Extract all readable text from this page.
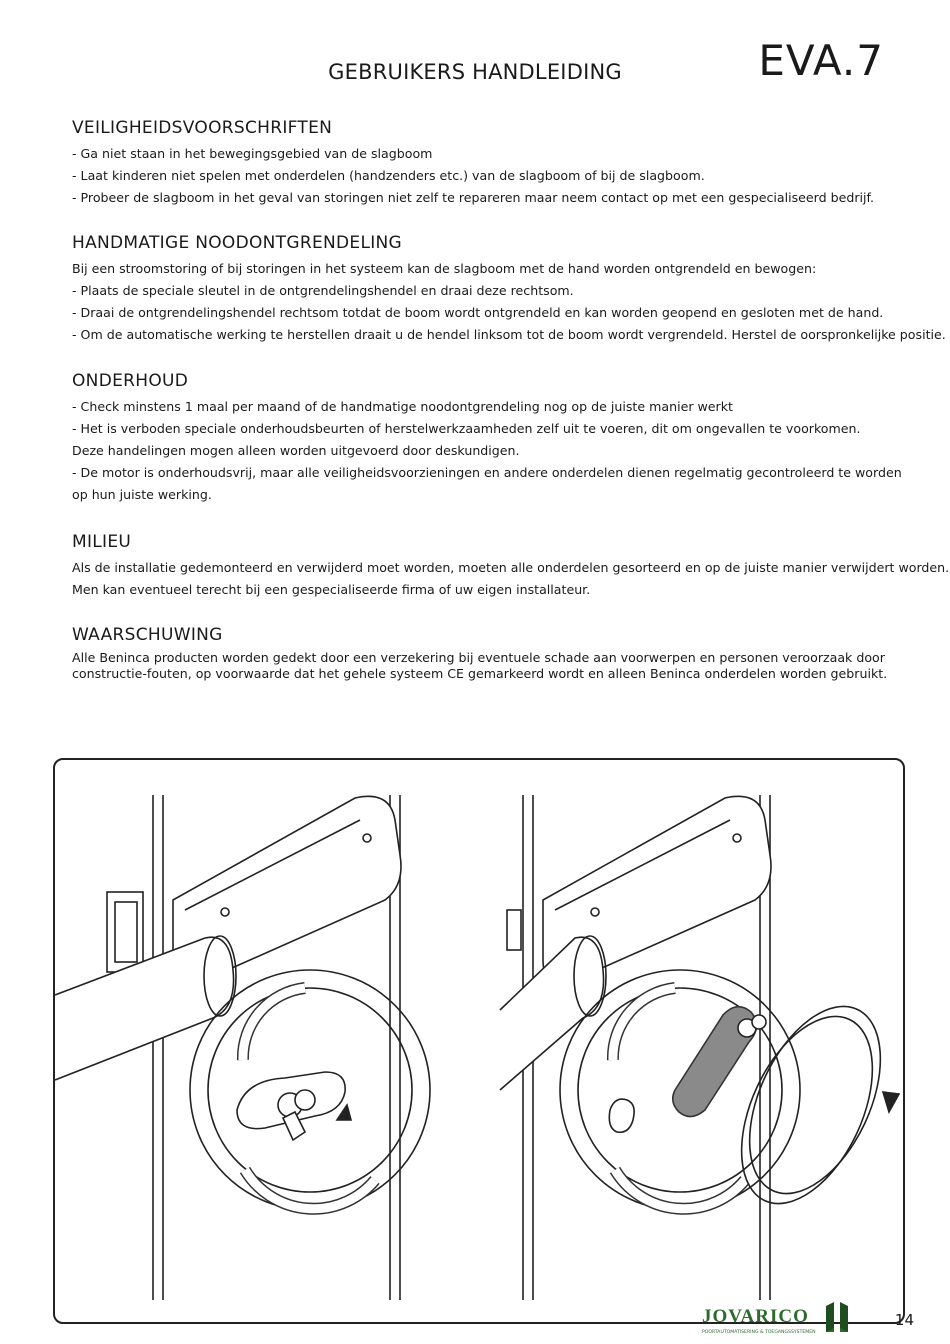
GEBRUIKERS HANDLEIDING	EVA.7
VEILIGHEIDSVOORSCHRIFTEN

- Ga niet staan in het bewegingsgebied van de slagboom

- Laat kinderen niet spelen met onderdelen (handzenders etc.) van de slagboom of bij de slagboom.

- Probeer de slagboom in het geval van storingen niet zelf te repareren maar neem contact op met een gespecialiseerd bedrijf.

HANDMATIGE NOODONTGRENDELING

Bij een stroomstoring of bij storingen in het systeem kan de slagboom met de hand worden ontgrendeld en bewogen:

- Plaats de speciale sleutel in de ontgrendelingshendel en draai deze rechtsom.

- Draai de ontgrendelingshendel rechtsom totdat de boom wordt ontgrendeld en kan worden geopend en gesloten met de hand.

- Om de automatische werking te herstellen draait u de hendel linksom tot de boom wordt vergrendeld. Herstel de oorspronkelijke positie.

ONDERHOUD

- Check minstens 1 maal per maand of de handmatige noodontgrendeling nog op de juiste manier werkt

- Het is verboden speciale onderhoudsbeurten of herstelwerkzaamheden zelf uit te voeren, dit om ongevallen te voorkomen.

Deze handelingen mogen alleen worden uitgevoerd door deskundigen.

- De motor is onderhoudsvrij, maar alle veiligheidsvoorzieningen en andere onderdelen dienen regelmatig gecontroleerd te worden

op hun juiste werking.

MILIEU

Als de installatie gedemonteerd en verwijderd moet worden, moeten alle onderdelen gesorteerd en op de juiste manier verwijdert worden.

Men kan eventueel terecht bij een gespecialiseerde firma of uw eigen installateur.

WAARSCHUWING

Alle Beninca producten worden gedekt door een verzekering bij eventuele schade aan voorwerpen en personen veroorzaak door constructie-fouten, op voorwaarde dat het gehele systeem CE gemarkeerd wordt en alleen Beninca onderdelen worden gebruikt.

JOVARICO
POORTAUTOMATISERING & TOEGANGSSYSTEMEN
14
